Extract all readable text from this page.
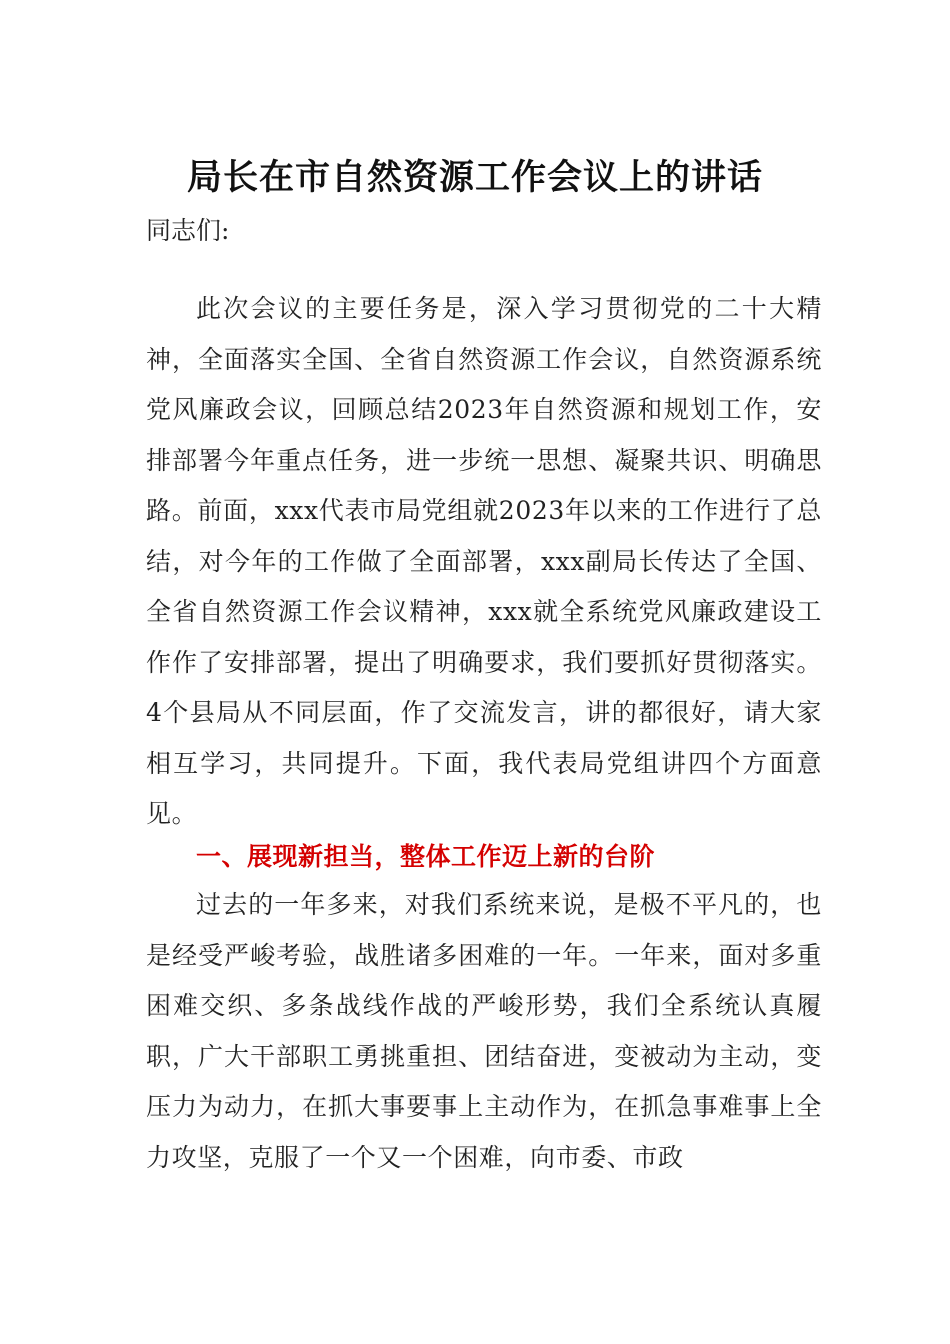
局长在市自然资源工作会议上的讲话
同志们:

此次会议的主要任务是，深入学习贯彻党的二十大精神，全面落实全国、全省自然资源工作会议，自然资源系统党风廉政会议，回顾总结2023年自然资源和规划工作，安排部署今年重点任务，进一步统一思想、凝聚共识、明确思路。前面，xxx代表市局党组就2023年以来的工作进行了总结，对今年的工作做了全面部署，xxx副局长传达了全国、全省自然资源工作会议精神，xxx就全系统党风廉政建设工作作了安排部署，提出了明确要求，我们要抓好贯彻落实。4个县局从不同层面，作了交流发言，讲的都很好，请大家相互学习，共同提升。下面，我代表局党组讲四个方面意见。

一、展现新担当，整体工作迈上新的台阶

过去的一年多来，对我们系统来说，是极不平凡的，也是经受严峻考验，战胜诸多困难的一年。一年来，面对多重困难交织、多条战线作战的严峻形势，我们全系统认真履职，广大干部职工勇挑重担、团结奋进，变被动为主动，变压力为动力，在抓大事要事上主动作为，在抓急事难事上全力攻坚，克服了一个又一个困难，向市委、市政
